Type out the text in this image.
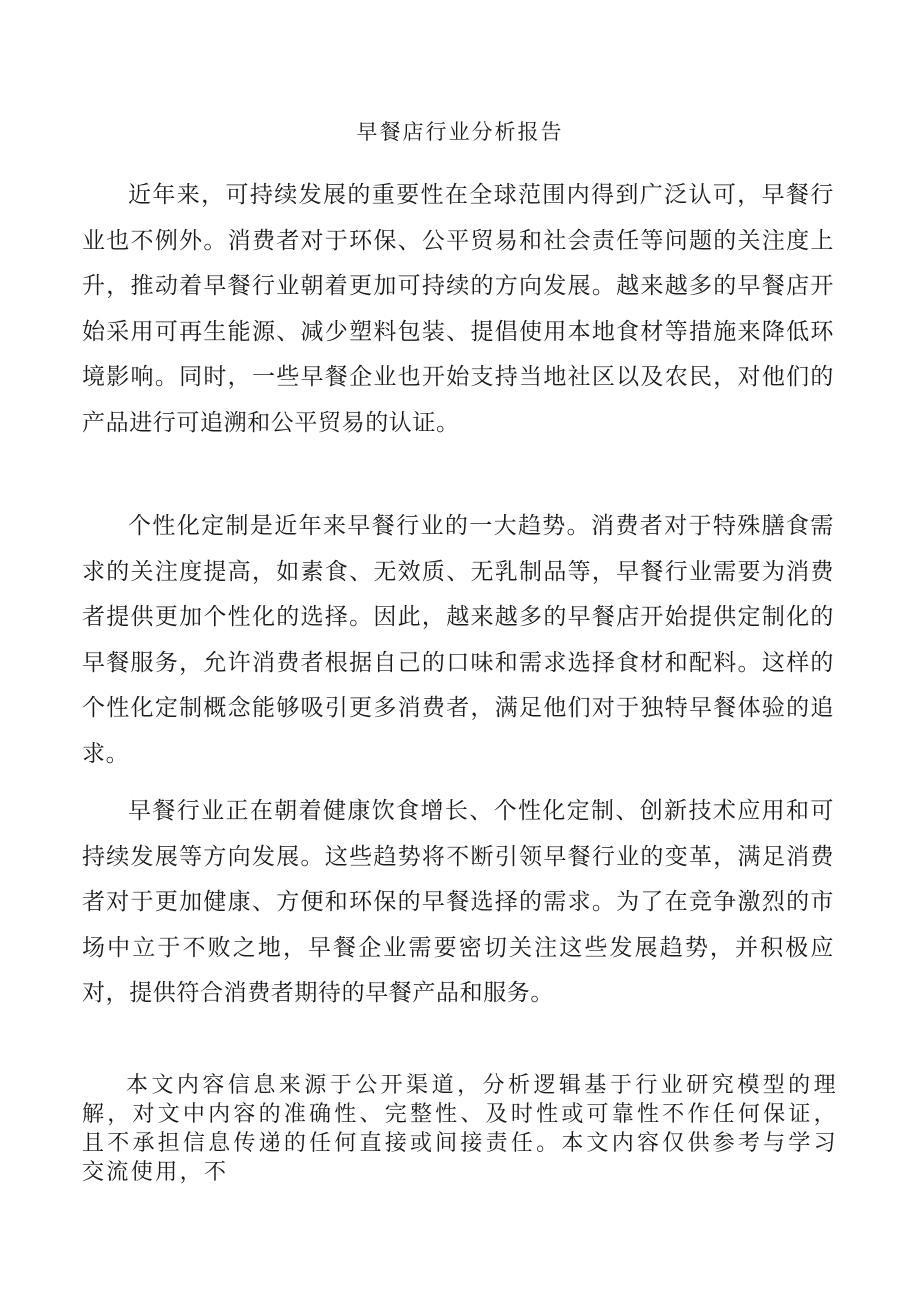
早餐店行业分析报告

近年来，可持续发展的重要性在全球范围内得到广泛认可，早餐行业也不例外。消费者对于环保、公平贸易和社会责任等问题的关注度上升，推动着早餐行业朝着更加可持续的方向发展。越来越多的早餐店开始采用可再生能源、减少塑料包装、提倡使用本地食材等措施来降低环境影响。同时，一些早餐企业也开始支持当地社区以及农民，对他们的产品进行可追溯和公平贸易的认证。

个性化定制是近年来早餐行业的一大趋势。消费者对于特殊膳食需求的关注度提高，如素食、无效质、无乳制品等，早餐行业需要为消费者提供更加个性化的选择。因此，越来越多的早餐店开始提供定制化的早餐服务，允许消费者根据自己的口味和需求选择食材和配料。这样的个性化定制概念能够吸引更多消费者，满足他们对于独特早餐体验的追求。

早餐行业正在朝着健康饮食增长、个性化定制、创新技术应用和可持续发展等方向发展。这些趋势将不断引领早餐行业的变革，满足消费者对于更加健康、方便和环保的早餐选择的需求。为了在竞争激烈的市场中立于不败之地，早餐企业需要密切关注这些发展趋势，并积极应对，提供符合消费者期待的早餐产品和服务。

本文内容信息来源于公开渠道，分析逻辑基于行业研究模型的理解，对文中内容的准确性、完整性、及时性或可靠性不作任何保证，且不承担信息传递的任何直接或间接责任。本文内容仅供参考与学习交流使用，不
